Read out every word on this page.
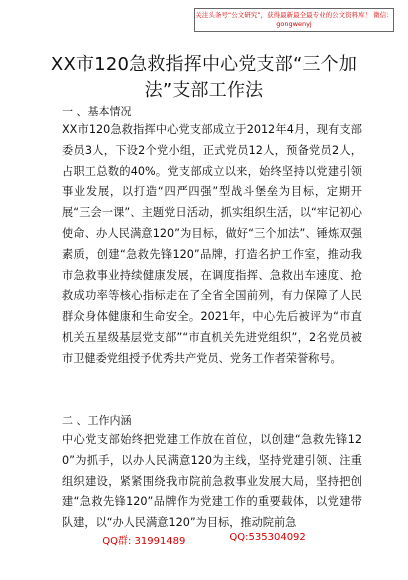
关注头条号“公文研究”，获得最新最全最专业的公文资料库！ 微信：gongwenyj
XX市120急救指挥中心党支部“三个加
法”支部工作法
一 、基本情况
XX市120急救指挥中心党支部成立于2012年4月，现有支部委员3人，下设2个党小组，正式党员12人，预备党员2人，占职工总数的40%。党支部成立以来，始终坚持以党建引领事业发展，以打造“四严四强”型战斗堡垒为目标，定期开展“三会一课”、主题党日活动，抓实组织生活，以“牢记初心使命、办人民满意120”为目标，做好“三个加法”、锤炼双强素质，创建“急救先锋120”品牌，打造名护工作室，推动我市急救事业持续健康发展，在调度指挥、急救出车速度、抢救成功率等核心指标走在了全省全国前列，有力保障了人民群众身体健康和生命安全。2021年，中心先后被评为“市直机关五星级基层党支部”“市直机关先进党组织”，2名党员被市卫健委党组授予优秀共产党员、党务工作者荣誉称号。
二 、工作内涵
中心党支部始终把党建工作放在首位，以创建“急救先锋120”为抓手，以办人民满意120为主线，坚持党建引领、注重组织建设，紧紧围绕我市院前急救事业发展大局，坚持把创建“急救先锋120”品牌作为党建工作的重要载体，以党建带队建，以“办人民满意120”为目标，推动院前急
QQ群: 31991489	QQ:535304092
